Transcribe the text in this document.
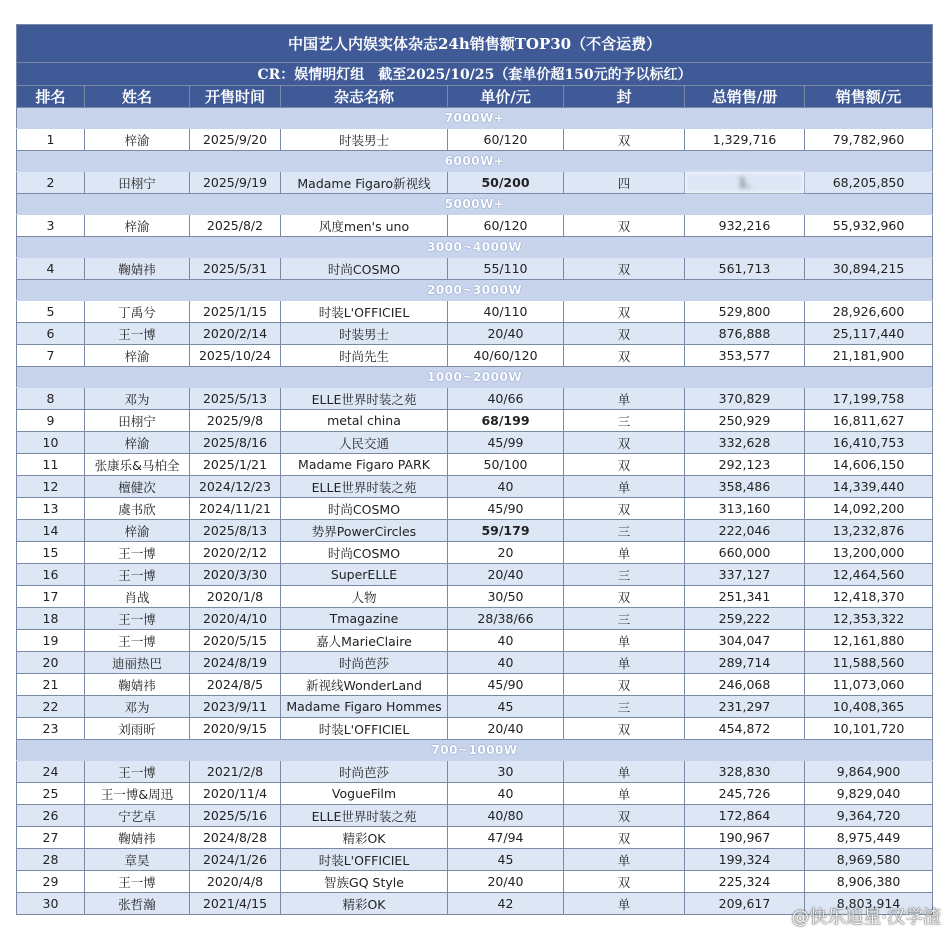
中国艺人内娱实体杂志24h销售额TOP30（不含运费）							
CR：娱情明灯组　截至2025/10/25（套单价超150元的予以标红）							
排名	姓名	开售时间	杂志名称	单价/元	封	总销售/册	销售额/元
7000W+							
1	梓渝	2025/9/20	时装男士	60/120	双	1,329,716	79,782,960
6000W+							
2	田栩宁	2025/9/19	Madame Figaro新视线	50/200	四	1,	68,205,850
5000W+							
3	梓渝	2025/8/2	风度men's uno	60/120	双	932,216	55,932,960
3000~4000W							
4	鞠婧祎	2025/5/31	时尚COSMO	55/110	双	561,713	30,894,215
2000~3000W							
5	丁禹兮	2025/1/15	时装L'OFFICIEL	40/110	双	529,800	28,926,600
6	王一博	2020/2/14	时装男士	20/40	双	876,888	25,117,440
7	梓渝	2025/10/24	时尚先生	40/60/120	双	353,577	21,181,900
1000~2000W							
8	邓为	2025/5/13	ELLE世界时装之苑	40/66	单	370,829	17,199,758
9	田栩宁	2025/9/8	metal china	68/199	三	250,929	16,811,627
10	梓渝	2025/8/16	人民交通	45/99	双	332,628	16,410,753
11	张康乐&马柏全	2025/1/21	Madame Figaro PARK	50/100	双	292,123	14,606,150
12	檀健次	2024/12/23	ELLE世界时装之苑	40	单	358,486	14,339,440
13	虞书欣	2024/11/21	时尚COSMO	45/90	双	313,160	14,092,200
14	梓渝	2025/8/13	势界PowerCircles	59/179	三	222,046	13,232,876
15	王一博	2020/2/12	时尚COSMO	20	单	660,000	13,200,000
16	王一博	2020/3/30	SuperELLE	20/40	三	337,127	12,464,560
17	肖战	2020/1/8	人物	30/50	双	251,341	12,418,370
18	王一博	2020/4/10	Tmagazine	28/38/66	三	259,222	12,353,322
19	王一博	2020/5/15	嘉人MarieClaire	40	单	304,047	12,161,880
20	迪丽热巴	2024/8/19	时尚芭莎	40	单	289,714	11,588,560
21	鞠婧祎	2024/8/5	新视线WonderLand	45/90	双	246,068	11,073,060
22	邓为	2023/9/11	Madame Figaro Hommes	45	三	231,297	10,408,365
23	刘雨昕	2020/9/15	时装L'OFFICIEL	20/40	双	454,872	10,101,720
700~1000W							
24	王一博	2021/2/8	时尚芭莎	30	单	328,830	9,864,900
25	王一博&周迅	2020/11/4	VogueFilm	40	单	245,726	9,829,040
26	宁艺卓	2025/5/16	ELLE世界时装之苑	40/80	双	172,864	9,364,720
27	鞠婧祎	2024/8/28	精彩OK	47/94	双	190,967	8,975,449
28	章昊	2024/1/26	时装L'OFFICIEL	45	单	199,324	8,969,580
29	王一博	2020/4/8	智族GQ Style	20/40	双	225,324	8,906,380
30	张哲瀚	2021/4/15	精彩OK	42	单	209,617	8,803,914
@快乐追星·汉学渣
